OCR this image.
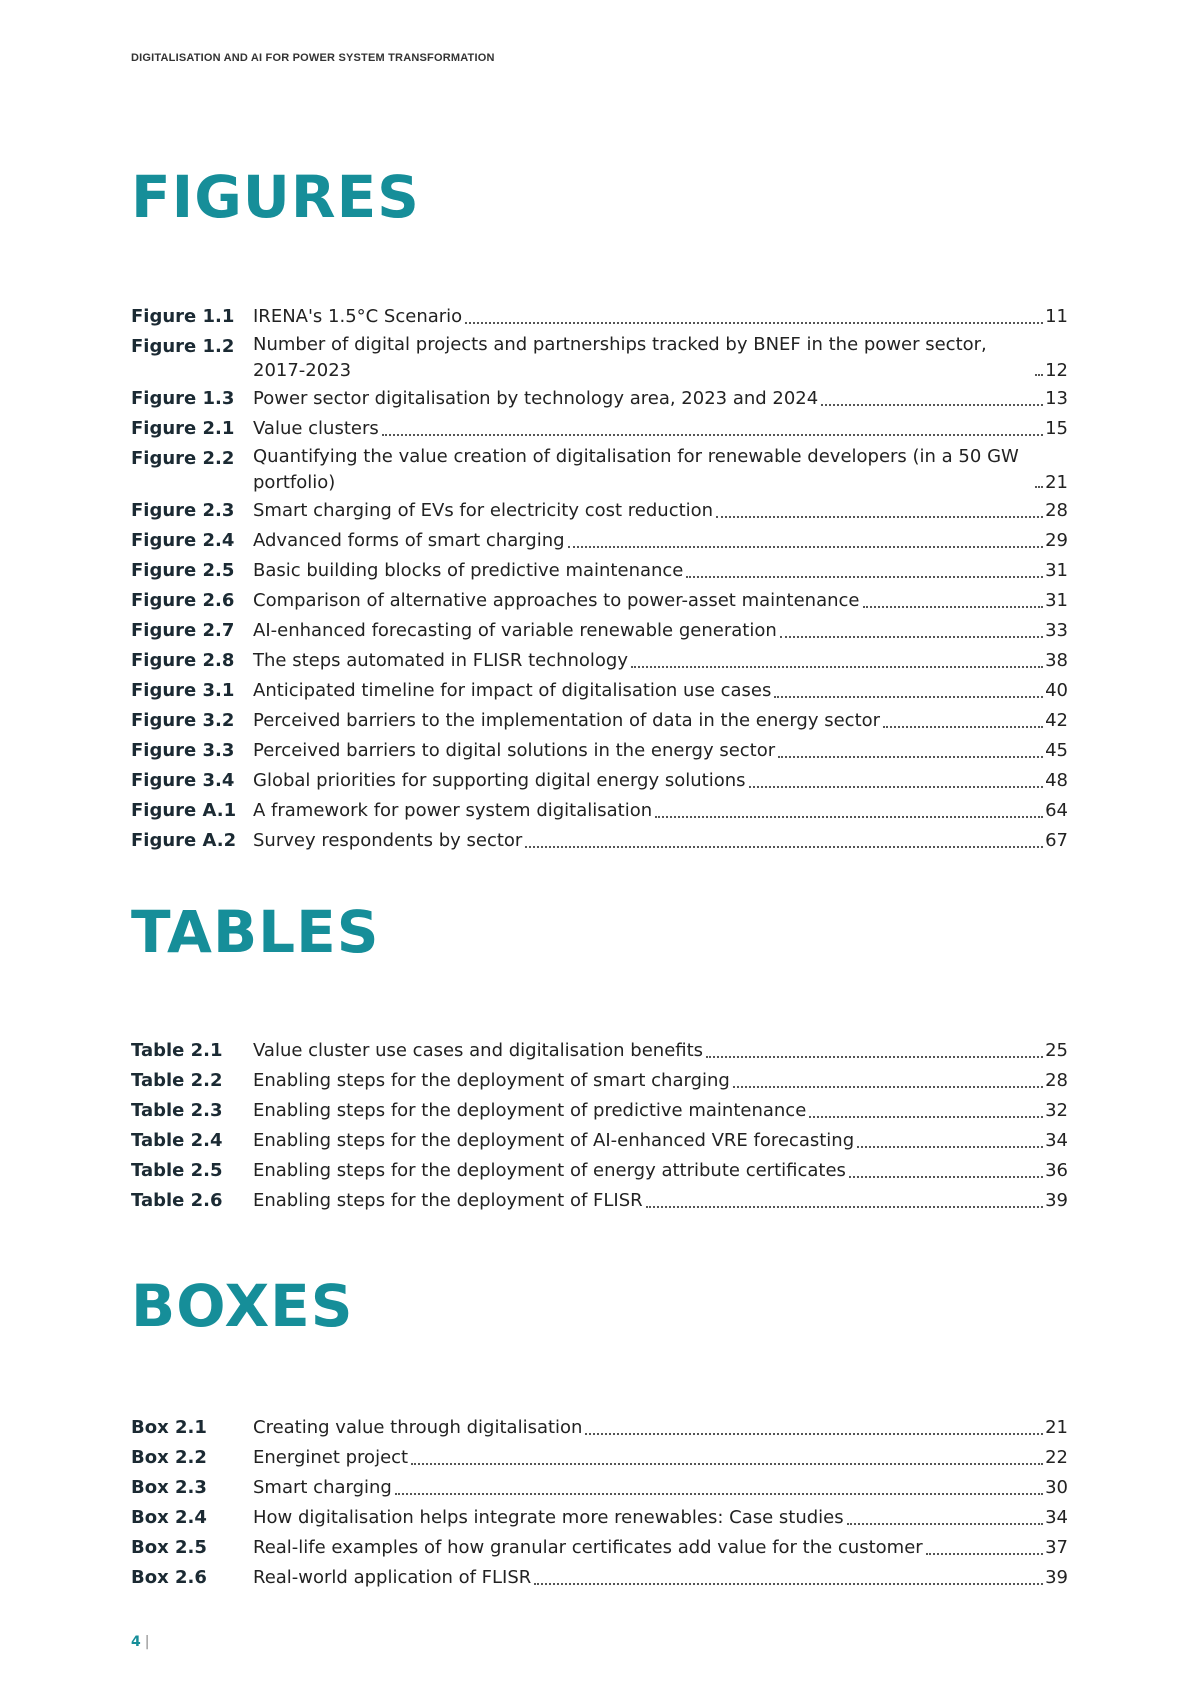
DIGITALISATION AND AI FOR POWER SYSTEM TRANSFORMATION
FIGURES
Figure 1.1	IRENA's 1.5°C Scenario	11
Figure 1.2	Number of digital projects and partnerships tracked by BNEF in the power sector, 2017-2023	12
Figure 1.3	Power sector digitalisation by technology area, 2023 and 2024	13
Figure 2.1	Value clusters	15
Figure 2.2	Quantifying the value creation of digitalisation for renewable developers (in a 50 GW portfolio)	21
Figure 2.3	Smart charging of EVs for electricity cost reduction	28
Figure 2.4	Advanced forms of smart charging	29
Figure 2.5	Basic building blocks of predictive maintenance	31
Figure 2.6	Comparison of alternative approaches to power-asset maintenance	31
Figure 2.7	AI-enhanced forecasting of variable renewable generation	33
Figure 2.8	The steps automated in FLISR technology	38
Figure 3.1	Anticipated timeline for impact of digitalisation use cases	40
Figure 3.2	Perceived barriers to the implementation of data in the energy sector	42
Figure 3.3	Perceived barriers to digital solutions in the energy sector	45
Figure 3.4	Global priorities for supporting digital energy solutions	48
Figure A.1 A framework for power system digitalisation	64
Figure A.2 Survey respondents by sector	67
TABLES
Table 2.1	Value cluster use cases and digitalisation benefits	25
Table 2.2	Enabling steps for the deployment of smart charging	28
Table 2.3	Enabling steps for the deployment of predictive maintenance	32
Table 2.4	Enabling steps for the deployment of AI-enhanced VRE forecasting	34
Table 2.5	Enabling steps for the deployment of energy attribute certificates	36
Table 2.6	Enabling steps for the deployment of FLISR	39
BOXES
Box 2.1	Creating value through digitalisation	21
Box 2.2	Energinet project	22
Box 2.3	Smart charging	30
Box 2.4	How digitalisation helps integrate more renewables: Case studies	34
Box 2.5	Real-life examples of how granular certificates add value for the customer	37
Box 2.6	Real-world application of FLISR	39
4 |
